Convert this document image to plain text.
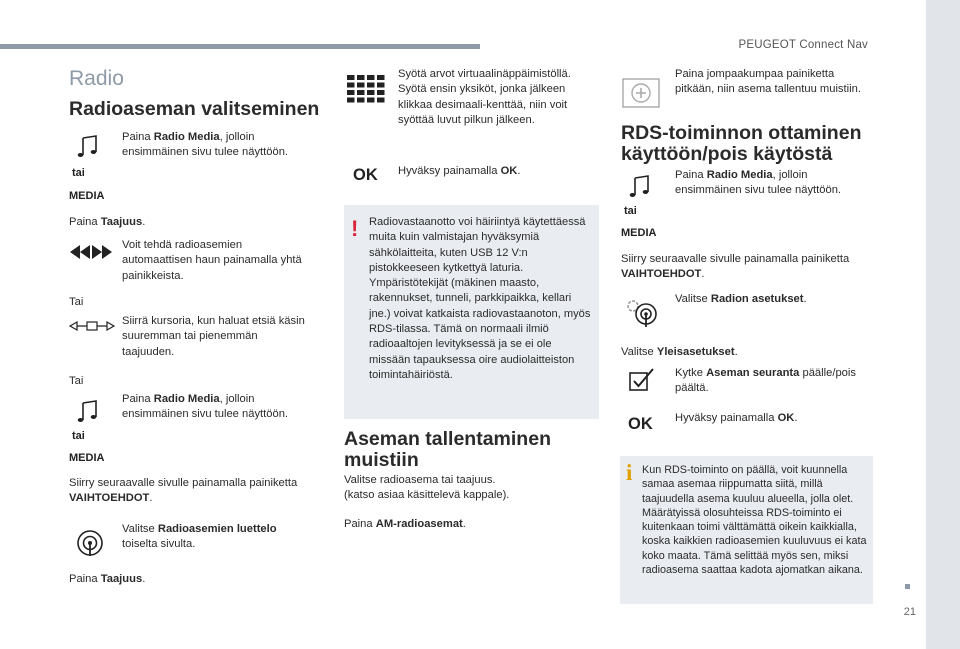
PEUGEOT Connect Nav
21
Radio
Radioaseman valitseminen
tai
MEDIA
Paina Radio Media, jolloin ensimmäinen sivu tulee näyttöön.
Paina Taajuus.
Voit tehdä radioasemien automaattisen haun painamalla yhtä painikkeista.
Tai
Siirrä kursoria, kun haluat etsiä käsin suuremman tai pienemmän taajuuden.
Tai
tai
MEDIA
Paina Radio Media, jolloin ensimmäinen sivu tulee näyttöön.
Siirry seuraavalle sivulle painamalla painiketta VAIHTOEHDOT.
Valitse Radioasemien luettelo toiselta sivulta.
Paina Taajuus.
Syötä arvot virtuaalinäppäimistöllä. Syötä ensin yksiköt, jonka jälkeen klikkaa desimaali-kenttää, niin voit syöttää luvut pilkun jälkeen.
OK Hyväksy painamalla OK.
! Radiovastaanotto voi häiriintyä käytettäessä muita kuin valmistajan hyväksymiä sähkölaitteita, kuten USB 12 V:n pistokkeeseen kytkettyä laturia. Ympäristötekijät (mäkinen maasto, rakennukset, tunneli, parkkipaikka, kellari jne.) voivat katkaista radiovastaanoton, myös RDS-tilassa. Tämä on normaali ilmiö radioaaltojen levityksessä ja se ei ole missään tapauksessa oire audiolaitteiston toimintahäiriöstä.
Aseman tallentaminen muistiin
Valitse radioasema tai taajuus.
(katso asiaa käsittelevä kappale).
Paina AM-radioasemat.
Paina jompaakumpaa painiketta pitkään, niin asema tallentuu muistiin.
RDS-toiminnon ottaminen käyttöön/pois käytöstä
tai
MEDIA
Paina Radio Media, jolloin ensimmäinen sivu tulee näyttöön.
Siirry seuraavalle sivulle painamalla painiketta VAIHTOEHDOT.
Valitse Radion asetukset.
Valitse Yleisasetukset.
Kytke Aseman seuranta päälle/pois päältä.
OK Hyväksy painamalla OK.
i Kun RDS-toiminto on päällä, voit kuunnella samaa asemaa riippumatta siitä, millä taajuudella asema kuuluu alueella, jolla olet. Määrätyissä olosuhteissa RDS-toiminto ei kuitenkaan toimi välttämättä oikein kaikkialla, koska kaikkien radioasemien kuuluvuus ei kata koko maata. Tämä selittää myös sen, miksi radioasema saattaa kadota ajomatkan aikana.
